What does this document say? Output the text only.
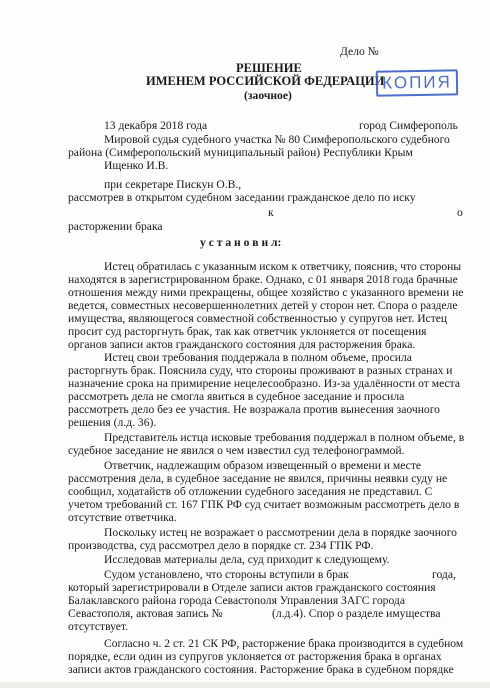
Дело №
РЕШЕНИЕ
ИМЕНЕМ РОССИЙСКОЙ ФЕДЕРАЦИИ
(заочное)
КОПИЯ
13 декабря 2018 года	город Симферополь
Мировой судья судебного участка № 80 Симферопольского судебного
района (Симферопольский муниципальный район) Республики Крым
Ищенко И.В.
при секретаре Пискун О.В.,
рассмотрев в открытом судебном заседании гражданское дело по иску
к	о
расторжении брака
у с т а н о в и л:
Истец обратилась с указанным иском к ответчику, пояснив, что стороны
находятся в зарегистрированном браке. Однако, с 01 января 2018 года брачные
отношения между ними прекращены, общее хозяйство с указанного времени не
ведется, совместных несовершеннолетних детей у сторон нет. Спора о разделе
имущества, являющегося совместной собственностью у супругов нет. Истец
просит суд расторгнуть брак, так как ответчик уклоняется от посещения
органов записи актов гражданского состояния для расторжения брака.
Истец свои требования поддержала в полном объеме, просила
расторгнуть брак. Пояснила суду, что стороны проживают в разных странах и
назначение срока на примирение нецелесообразно. Из-за удалённости от места
рассмотреть дела не смогла явиться в судебное заседание и просила
рассмотреть дело без ее участия. Не возражала против вынесения заочного
решения (л.д. 36).
Представитель истца исковые требования поддержал в полном объеме, в
судебное заседание не явился о чем известил суд телефонограммой.
Ответчик, надлежащим образом извещенный о времени и месте
рассмотрения дела, в судебное заседание не явился, причины неявки суду не
сообщил, ходатайств об отложении судебного заседания не представил. С
учетом требований ст. 167 ГПК РФ суд считает возможным рассмотреть дело в
отсутствие ответчика.
Поскольку истец не возражает о рассмотрении дела в порядке заочного
производства, суд рассмотрел дело в порядке ст. 234 ГПК РФ.
Исследовав материалы дела, суд приходит к следующему.
Судом установлено, что стороны вступили в брак	года,
который зарегистрировали в Отделе записи актов гражданского состояния
Балаклавского района города Севастополя Управления ЗАГС города
Севастополя, актовая запись №	(л.д.4). Спор о разделе имущества
отсутствует.
Согласно ч. 2 ст. 21 СК РФ, расторжение брака производится в судебном
порядке, если один из супругов уклоняется от расторжения брака в органах
записи актов гражданского состояния. Расторжение брака в судебном порядке
